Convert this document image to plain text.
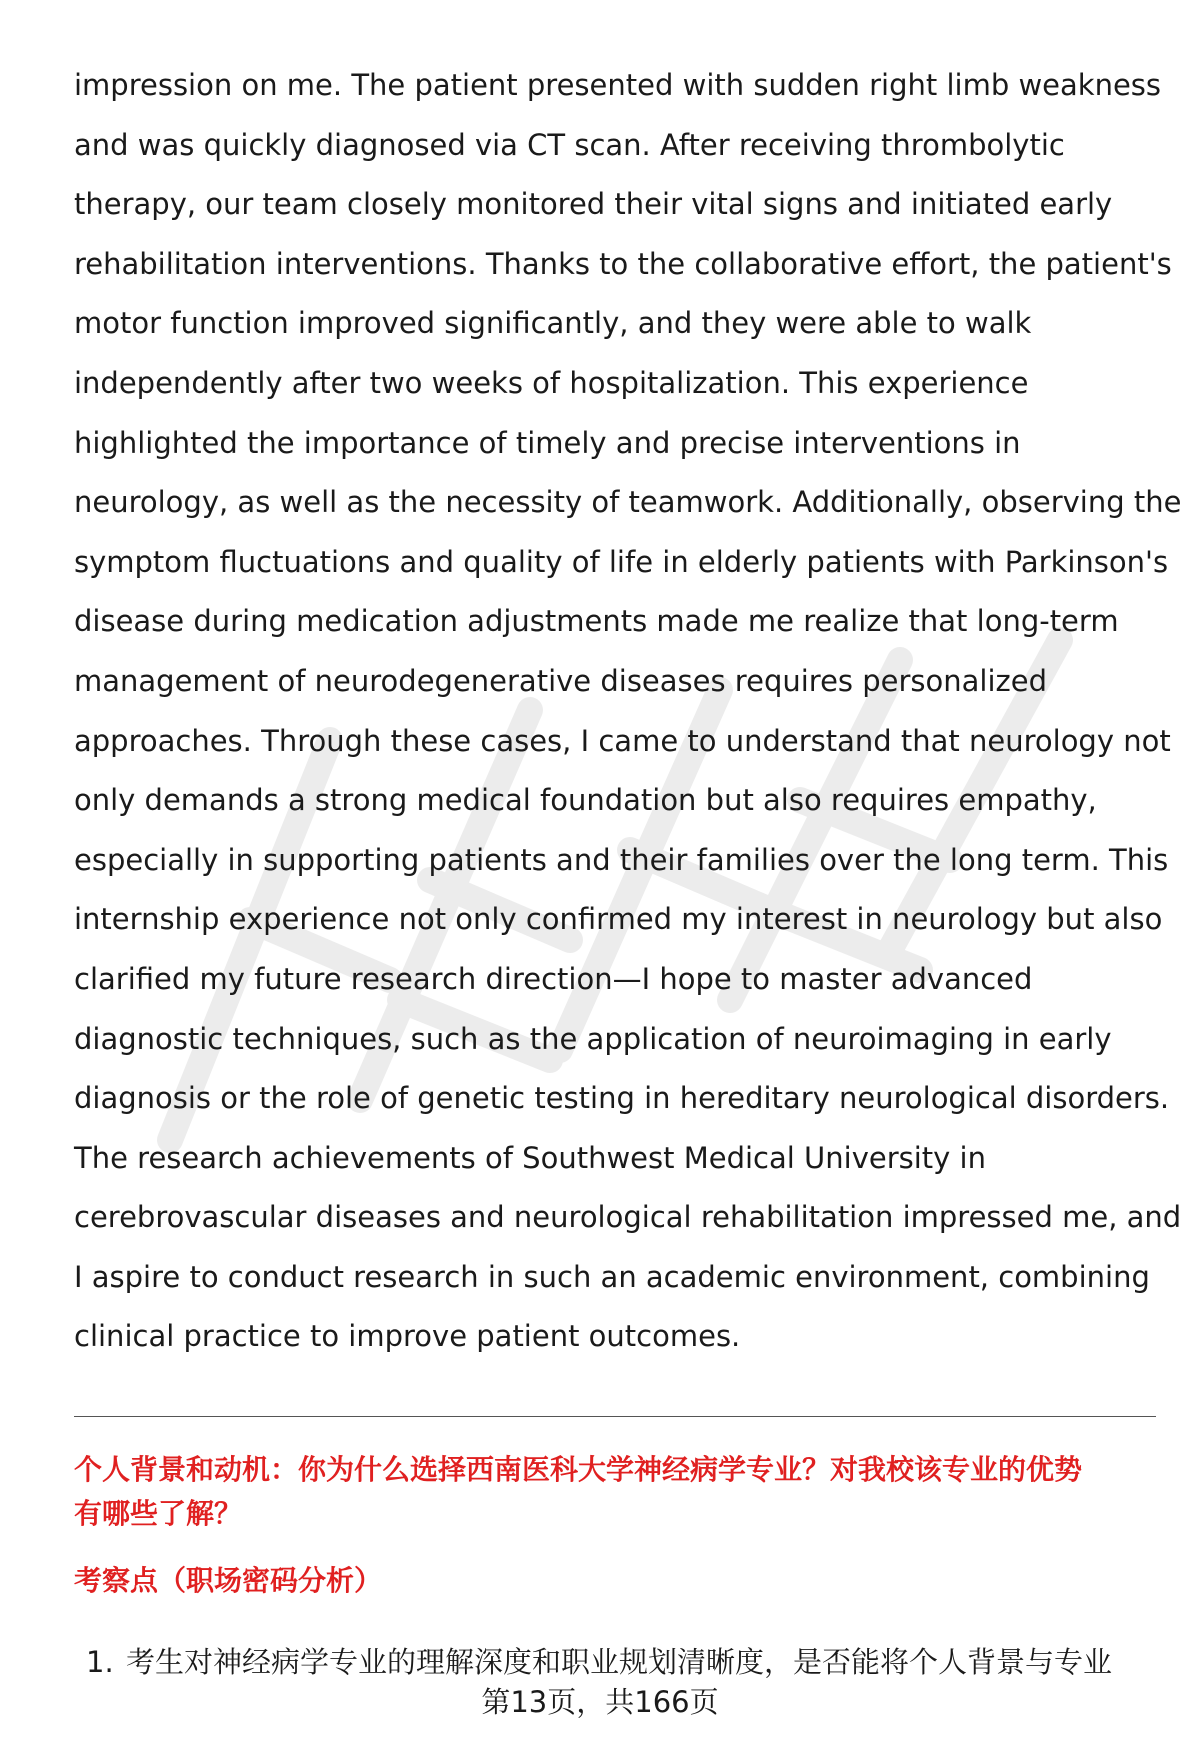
impression on me. The patient presented with sudden right limb weakness
and was quickly diagnosed via CT scan. After receiving thrombolytic
therapy, our team closely monitored their vital signs and initiated early
rehabilitation interventions. Thanks to the collaborative effort, the patient's
motor function improved significantly, and they were able to walk
independently after two weeks of hospitalization. This experience
highlighted the importance of timely and precise interventions in
neurology, as well as the necessity of teamwork. Additionally, observing the
symptom fluctuations and quality of life in elderly patients with Parkinson's
disease during medication adjustments made me realize that long-term
management of neurodegenerative diseases requires personalized
approaches. Through these cases, I came to understand that neurology not
only demands a strong medical foundation but also requires empathy,
especially in supporting patients and their families over the long term. This
internship experience not only confirmed my interest in neurology but also
clarified my future research direction—I hope to master advanced
diagnostic techniques, such as the application of neuroimaging in early
diagnosis or the role of genetic testing in hereditary neurological disorders.
The research achievements of Southwest Medical University in
cerebrovascular diseases and neurological rehabilitation impressed me, and
I aspire to conduct research in such an academic environment, combining
clinical practice to improve patient outcomes.
个人背景和动机：你为什么选择西南医科大学神经病学专业？对我校该专业的优势
有哪些了解？
考察点（职场密码分析）
1. 考生对神经病学专业的理解深度和职业规划清晰度，是否能将个人背景与专业
第13页，共166页
